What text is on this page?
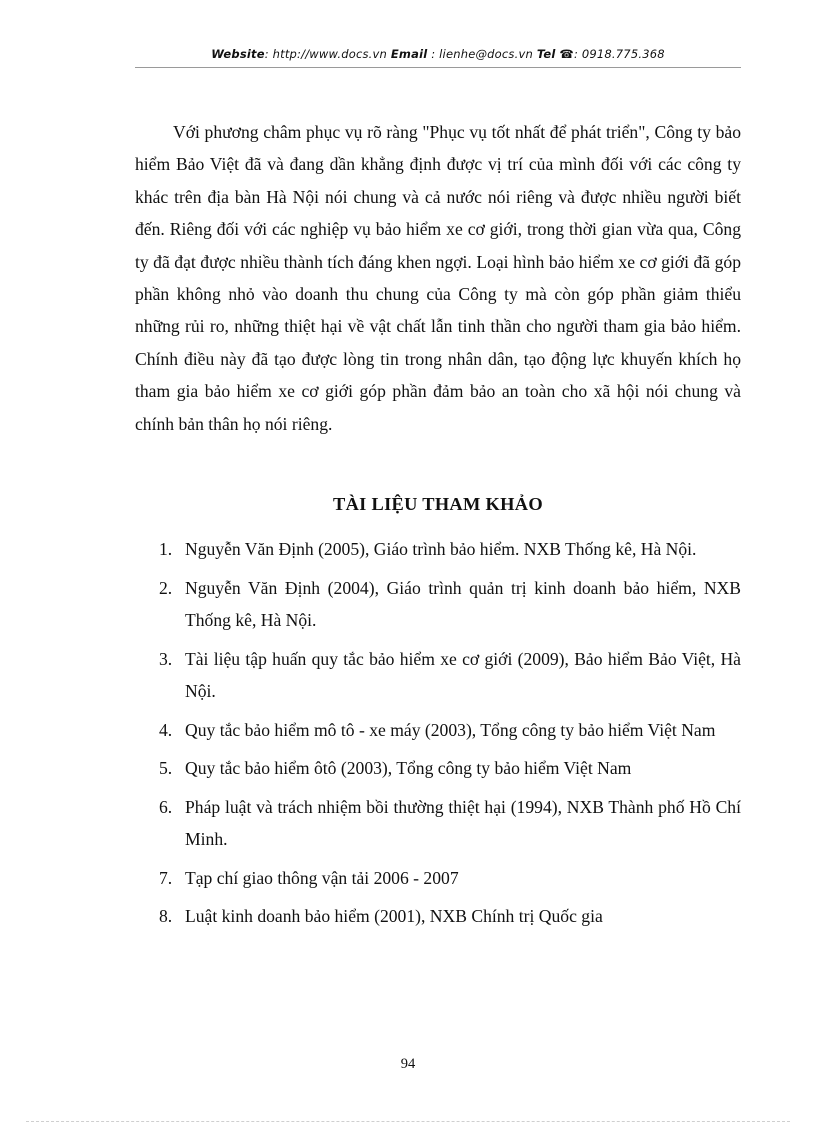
Website: http://www.docs.vn Email : lienhe@docs.vn Tel ☎: 0918.775.368

Với phương châm phục vụ rõ ràng "Phục vụ tốt nhất để phát triển", Công ty bảo hiểm Bảo Việt đã và đang dần khẳng định được vị trí của mình đối với các công ty khác trên địa bàn Hà Nội nói chung và cả nước nói riêng và được nhiều người biết đến. Riêng đối với các nghiệp vụ bảo hiểm xe cơ giới, trong thời gian vừa qua, Công ty đã đạt được nhiều thành tích đáng khen ngợi. Loại hình bảo hiểm xe cơ giới đã góp phần không nhỏ vào doanh thu chung của Công ty mà còn góp phần giảm thiểu những rủi ro, những thiệt hại về vật chất lẫn tinh thần cho người tham gia bảo hiểm. Chính điều này đã tạo được lòng tin trong nhân dân, tạo động lực khuyến khích họ tham gia bảo hiểm xe cơ giới góp phần đảm bảo an toàn cho xã hội nói chung và chính bản thân họ nói riêng.

TÀI LIỆU THAM KHẢO
1. Nguyễn Văn Định (2005), Giáo trình bảo hiểm. NXB Thống kê, Hà Nội.
2. Nguyễn Văn Định (2004), Giáo trình quản trị kinh doanh bảo hiểm, NXB Thống kê, Hà Nội.
3. Tài liệu tập huấn quy tắc bảo hiểm xe cơ giới (2009), Bảo hiểm Bảo Việt, Hà Nội.
4. Quy tắc bảo hiểm mô tô - xe máy (2003), Tổng công ty bảo hiểm Việt Nam
5. Quy tắc bảo hiểm ôtô (2003), Tổng công ty bảo hiểm Việt Nam
6. Pháp luật và trách nhiệm bồi thường thiệt hại (1994), NXB Thành phố Hồ Chí Minh.
7. Tạp chí giao thông vận tải 2006 - 2007
8. Luật kinh doanh bảo hiểm (2001), NXB Chính trị Quốc gia
94
